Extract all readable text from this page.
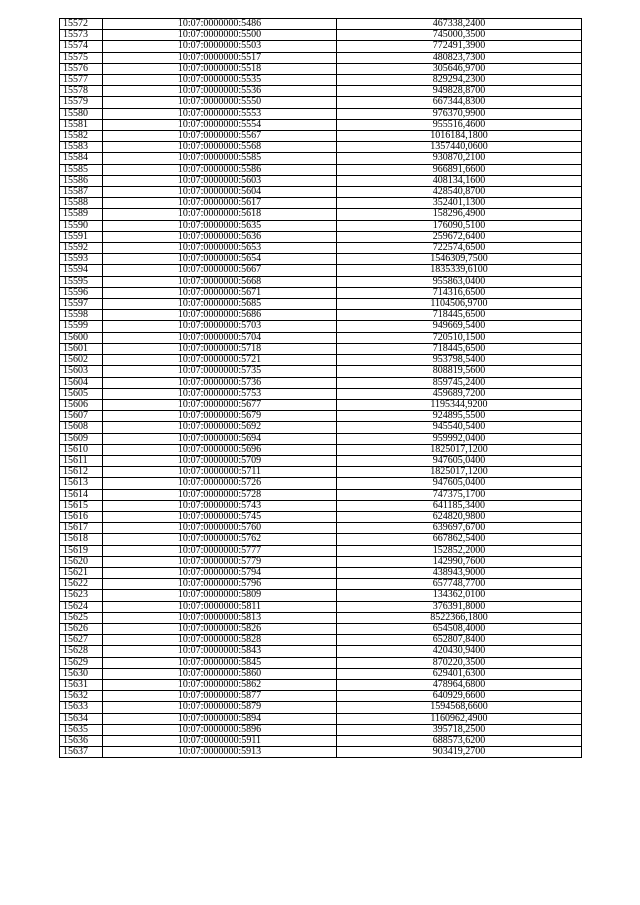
15572	10:07:0000000:5486	467338,2400
15573	10:07:0000000:5500	745000,3500
15574	10:07:0000000:5503	772491,3900
15575	10:07:0000000:5517	480823,7300
15576	10:07:0000000:5518	305646,9700
15577	10:07:0000000:5535	829294,2300
15578	10:07:0000000:5536	949828,8700
15579	10:07:0000000:5550	667344,8300
15580	10:07:0000000:5553	976370,9900
15581	10:07:0000000:5554	955516,4600
15582	10:07:0000000:5567	1016184,1800
15583	10:07:0000000:5568	1357440,0600
15584	10:07:0000000:5585	930870,2100
15585	10:07:0000000:5586	966891,6600
15586	10:07:0000000:5603	408134,1600
15587	10:07:0000000:5604	428540,8700
15588	10:07:0000000:5617	352401,1300
15589	10:07:0000000:5618	158296,4900
15590	10:07:0000000:5635	176090,5100
15591	10:07:0000000:5636	259672,6400
15592	10:07:0000000:5653	722574,6500
15593	10:07:0000000:5654	1546309,7500
15594	10:07:0000000:5667	1835339,6100
15595	10:07:0000000:5668	955863,0400
15596	10:07:0000000:5671	714316,6500
15597	10:07:0000000:5685	1104506,9700
15598	10:07:0000000:5686	718445,6500
15599	10:07:0000000:5703	949669,5400
15600	10:07:0000000:5704	720510,1500
15601	10:07:0000000:5718	718445,6500
15602	10:07:0000000:5721	953798,5400
15603	10:07:0000000:5735	808819,5600
15604	10:07:0000000:5736	859745,2400
15605	10:07:0000000:5753	459689,7200
15606	10:07:0000000:5677	1195344,9200
15607	10:07:0000000:5679	924895,5500
15608	10:07:0000000:5692	945540,5400
15609	10:07:0000000:5694	959992,0400
15610	10:07:0000000:5696	1825017,1200
15611	10:07:0000000:5709	947605,0400
15612	10:07:0000000:5711	1825017,1200
15613	10:07:0000000:5726	947605,0400
15614	10:07:0000000:5728	747375,1700
15615	10:07:0000000:5743	641185,3400
15616	10:07:0000000:5745	624820,9800
15617	10:07:0000000:5760	639697,6700
15618	10:07:0000000:5762	667862,5400
15619	10:07:0000000:5777	152852,2000
15620	10:07:0000000:5779	142990,7600
15621	10:07:0000000:5794	438943,9000
15622	10:07:0000000:5796	657748,7700
15623	10:07:0000000:5809	134362,0100
15624	10:07:0000000:5811	376391,8000
15625	10:07:0000000:5813	8522366,1800
15626	10:07:0000000:5826	654508,4000
15627	10:07:0000000:5828	652807,8400
15628	10:07:0000000:5843	420430,9400
15629	10:07:0000000:5845	870220,3500
15630	10:07:0000000:5860	629401,6300
15631	10:07:0000000:5862	478964,6800
15632	10:07:0000000:5877	640929,6600
15633	10:07:0000000:5879	1594568,6600
15634	10:07:0000000:5894	1160962,4900
15635	10:07:0000000:5896	395718,2500
15636	10:07:0000000:5911	688573,6200
15637	10:07:0000000:5913	903419,2700
